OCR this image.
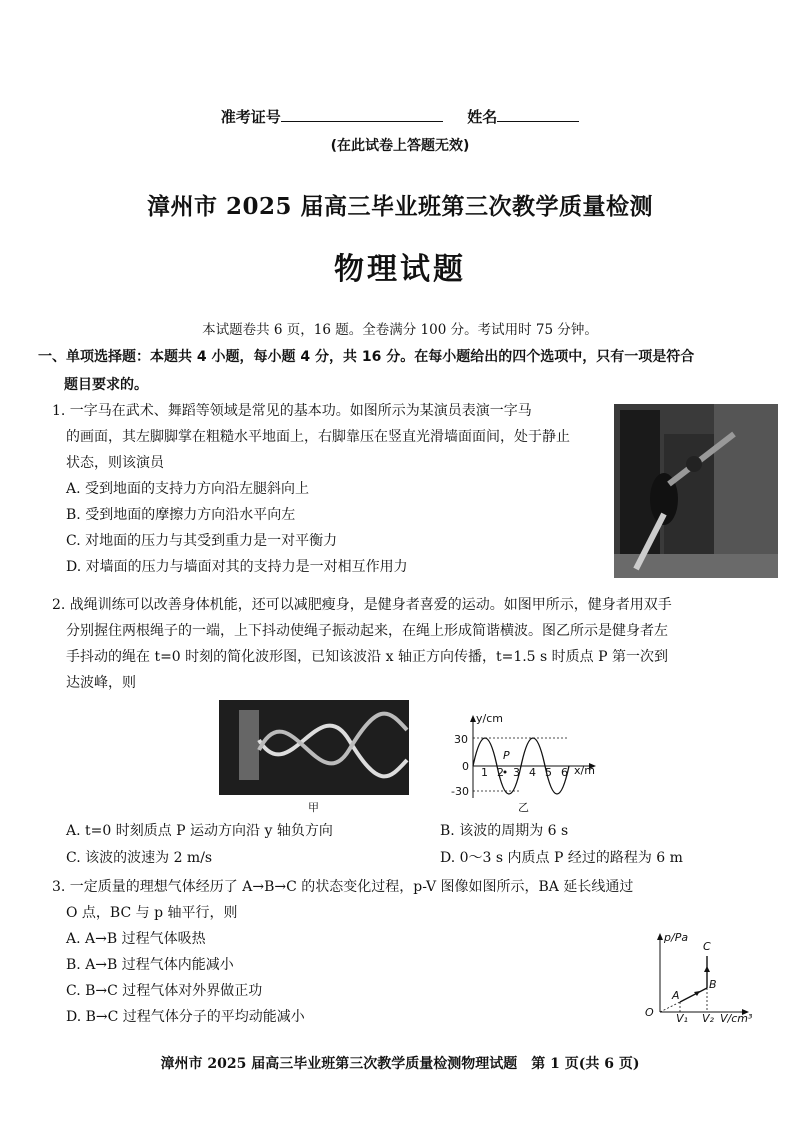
准考证号	姓名
(在此试卷上答题无效)
漳州市 2025 届高三毕业班第三次教学质量检测
物理试题
本试题卷共 6 页，16 题。全卷满分 100 分。考试用时 75 分钟。
一、单项选择题：本题共 4 小题，每小题 4 分，共 16 分。在每小题给出的四个选项中，只有一项是符合
题目要求的。
1. 一字马在武术、舞蹈等领域是常见的基本功。如图所示为某演员表演一字马
的画面，其左脚脚掌在粗糙水平地面上，右脚靠压在竖直光滑墙面面间，处于静止
状态，则该演员
A. 受到地面的支持力方向沿左腿斜向上
B. 受到地面的摩擦力方向沿水平向左
C. 对地面的压力与其受到重力是一对平衡力
D. 对墙面的压力与墙面对其的支持力是一对相互作用力
2. 战绳训练可以改善身体机能，还可以减肥瘦身，是健身者喜爱的运动。如图甲所示，健身者用双手
分别握住两根绳子的一端，上下抖动使绳子振动起来，在绳上形成简谐横波。图乙所示是健身者左
手抖动的绳在 t=0 时刻的简化波形图，已知该波沿 x 轴正方向传播，t=1.5 s 时质点 P 第一次到
达波峰，则
甲
y/cm
30
0
-30
1 2 3 4 5 6 x/m
P
乙
A. t=0 时刻质点 P 运动方向沿 y 轴负方向	B. 该波的周期为 6 s
C. 该波的波速为 2 m/s	D. 0～3 s 内质点 P 经过的路程为 6 m
3. 一定质量的理想气体经历了 A→B→C 的状态变化过程，p-V 图像如图所示，BA 延长线通过
O 点，BC 与 p 轴平行，则
A. A→B 过程气体吸热
B. A→B 过程气体内能减小
C. B→C 过程气体对外界做正功
D. B→C 过程气体分子的平均动能减小
p/Pa
C
B
A
O V₁ V₂ V/cm³
漳州市 2025 届高三毕业班第三次教学质量检测物理试题　第 1 页(共 6 页)
